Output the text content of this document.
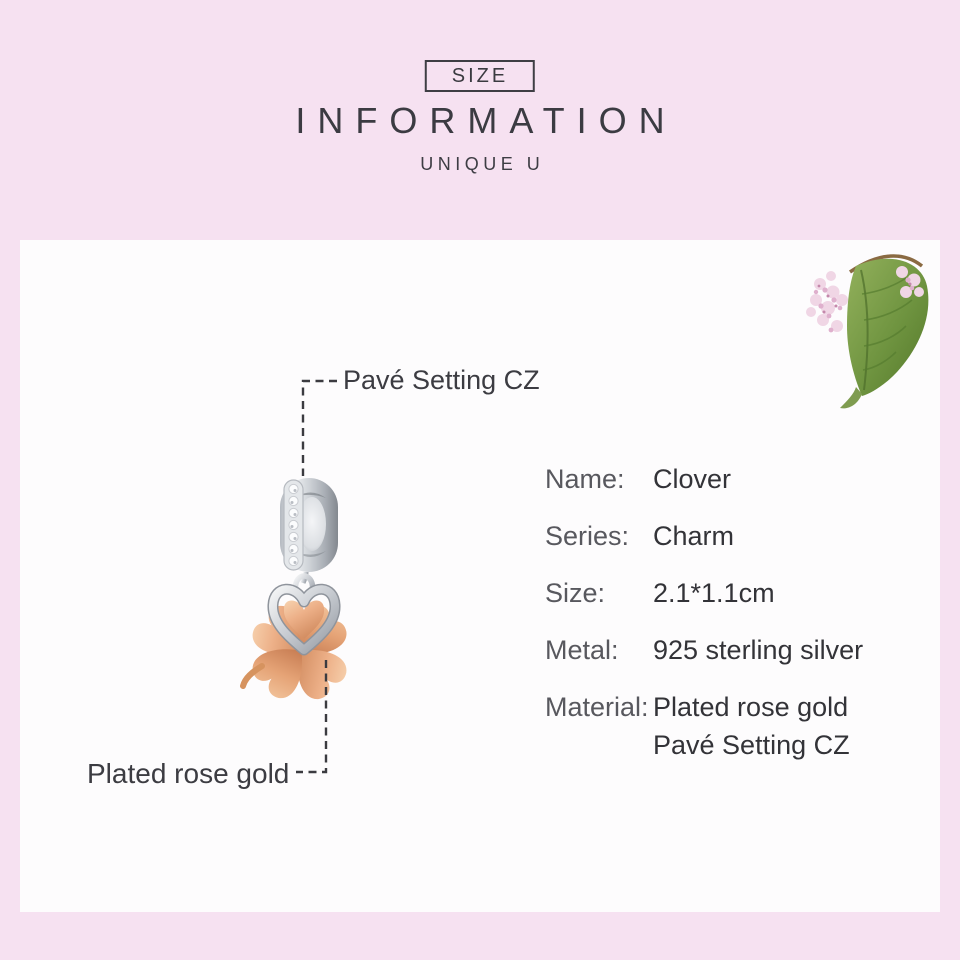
SIZE
INFORMATION
UNIQUE U
Pavé Setting CZ
Plated rose gold
Name:	Clover
Series: Charm
Size:	2.1*1.1cm
Metal:	925 sterling silver
Material: Plated rose gold
Pavé Setting CZ
